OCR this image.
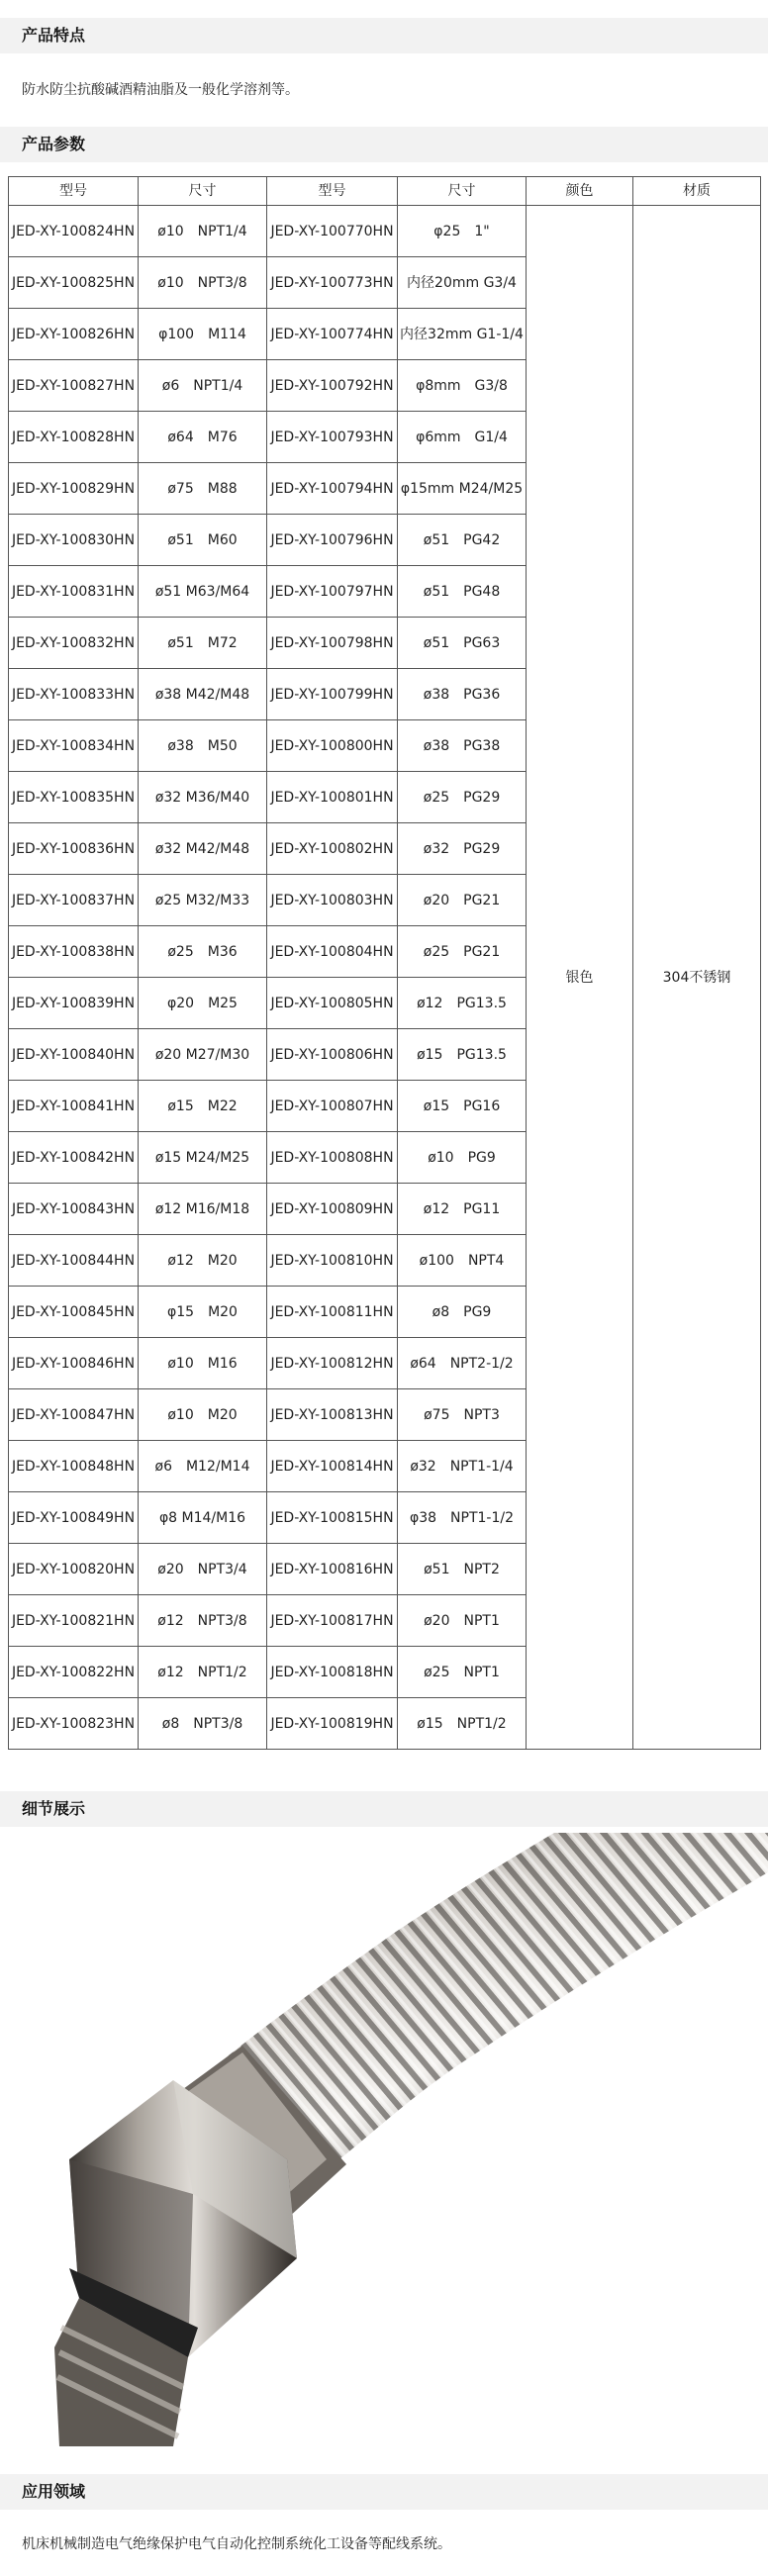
产品特点
防水防尘抗酸碱酒精油脂及一般化学溶剂等。
产品参数
型号	尺寸	型号	尺寸	颜色	材质
JED-XY-100824HN	ø10　NPT1/4	JED-XY-100770HN	φ25　1"	银色	304不锈钢
JED-XY-100825HN	ø10　NPT3/8	JED-XY-100773HN	内径20mm G3/4		
JED-XY-100826HN	φ100　M114	JED-XY-100774HN	内径32mm G1-1/4		
JED-XY-100827HN	ø6　NPT1/4	JED-XY-100792HN	φ8mm　G3/8		
JED-XY-100828HN	ø64　M76	JED-XY-100793HN	φ6mm　G1/4		
JED-XY-100829HN	ø75　M88	JED-XY-100794HN	φ15mm M24/M25		
JED-XY-100830HN	ø51　M60	JED-XY-100796HN	ø51　PG42		
JED-XY-100831HN	ø51 M63/M64	JED-XY-100797HN	ø51　PG48		
JED-XY-100832HN	ø51　M72	JED-XY-100798HN	ø51　PG63		
JED-XY-100833HN	ø38 M42/M48	JED-XY-100799HN	ø38　PG36		
JED-XY-100834HN	ø38　M50	JED-XY-100800HN	ø38　PG38		
JED-XY-100835HN	ø32 M36/M40	JED-XY-100801HN	ø25　PG29		
JED-XY-100836HN	ø32 M42/M48	JED-XY-100802HN	ø32　PG29		
JED-XY-100837HN	ø25 M32/M33	JED-XY-100803HN	ø20　PG21		
JED-XY-100838HN	ø25　M36	JED-XY-100804HN	ø25　PG21		
JED-XY-100839HN	φ20　M25	JED-XY-100805HN	ø12　PG13.5		
JED-XY-100840HN	ø20 M27/M30	JED-XY-100806HN	ø15　PG13.5		
JED-XY-100841HN	ø15　M22	JED-XY-100807HN	ø15　PG16		
JED-XY-100842HN	ø15 M24/M25	JED-XY-100808HN	ø10　PG9		
JED-XY-100843HN	ø12 M16/M18	JED-XY-100809HN	ø12　PG11		
JED-XY-100844HN	ø12　M20	JED-XY-100810HN	ø100　NPT4		
JED-XY-100845HN	φ15　M20	JED-XY-100811HN	ø8　PG9		
JED-XY-100846HN	ø10　M16	JED-XY-100812HN	ø64　NPT2-1/2		
JED-XY-100847HN	ø10　M20	JED-XY-100813HN	ø75　NPT3		
JED-XY-100848HN	ø6　M12/M14	JED-XY-100814HN	ø32　NPT1-1/4		
JED-XY-100849HN	φ8 M14/M16	JED-XY-100815HN	φ38　NPT1-1/2		
JED-XY-100820HN	ø20　NPT3/4	JED-XY-100816HN	ø51　NPT2		
JED-XY-100821HN	ø12　NPT3/8	JED-XY-100817HN	ø20　NPT1		
JED-XY-100822HN	ø12　NPT1/2	JED-XY-100818HN	ø25　NPT1		
JED-XY-100823HN	ø8　NPT3/8	JED-XY-100819HN	ø15　NPT1/2		
细节展示
应用领域
机床机械制造电气绝缘保护电气自动化控制系统化工设备等配线系统。
